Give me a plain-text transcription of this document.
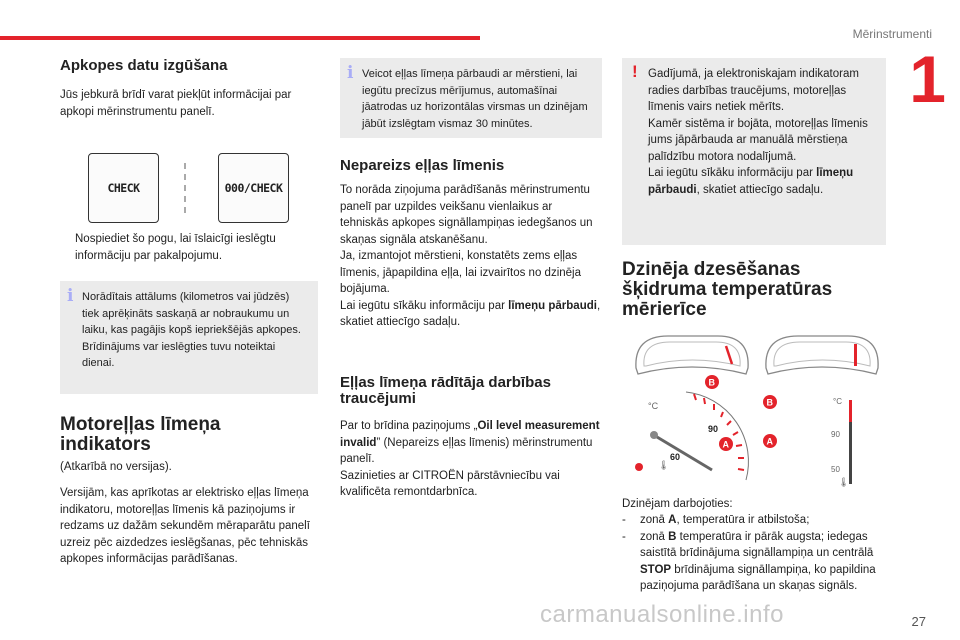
Mērinstrumenti
1
27
carmanualsonline.info
Apkopes datu izgūšana
Jūs jebkurā brīdī varat piekļūt informācijai par apkopi mērinstrumentu panelī.
CHECK	000/CHECK
Nospiediet šo pogu, lai īslaicīgi ieslēgtu informāciju par pakalpojumu.
i Norādītais attālums (kilometros vai jūdzēs) tiek aprēķināts saskaņā ar nobraukumu un laiku, kas pagājis kopš iepriekšējās apkopes.
Brīdinājums var ieslēgties tuvu noteiktai dienai.
Motoreļļas līmeņa
indikators
(Atkarībā no versijas).
Versijām, kas aprīkotas ar elektrisko eļļas līmeņa indikatoru, motoreļļas līmenis kā paziņojums ir redzams uz dažām sekundēm mēraparātu panelī uzreiz pēc aizdedzes ieslēgšanas, pēc tehniskās apkopes informācijas parādīšanas.
i Veicot eļļas līmeņa pārbaudi ar mērstieni, lai iegūtu precīzus mērījumus, automašīnai jāatrodas uz horizontālas virsmas un dzinējam jābūt izslēgtam vismaz 30 minūtes.
Nepareizs eļļas līmenis
To norāda ziņojuma parādīšanās mērinstrumentu panelī par uzpildes veikšanu vienlaikus ar tehniskās apkopes signāllampiņas iedegšanos un skaņas signāla atskanēšanu.
Ja, izmantojot mērstieni, konstatēts zems eļļas līmenis, jāpapildina eļļa, lai izvairītos no dzinēja bojājuma.
Lai iegūtu sīkāku informāciju par līmeņu pārbaudi, skatiet attiecīgo sadaļu.
Eļļas līmeņa rādītāja darbības
traucējumi
Par to brīdina paziņojums „Oil level measurement invalid” (Nepareizs eļļas līmenis) mērinstrumentu panelī.
Sazinieties ar CITROËN pārstāvniecību vai kvalificēta remontdarbnīca.
! Gadījumā, ja elektroniskajam indikatoram radies darbības traucējums, motoreļļas līmenis vairs netiek mērīts.
Kamēr sistēma ir bojāta, motoreļļas līmenis jums jāpārbauda ar manuālā mērstieņa palīdzību motora nodalījumā.
Lai iegūtu sīkāku informāciju par līmeņu pārbaudi, skatiet attiecīgo sadaļu.
Dzinēja dzesēšanas
šķidruma temperatūras
mērierīce
°C
90
60
🌡
B
A
°C
90
50
🌡
B
A
Dzinējam darbojoties:
- zonā A, temperatūra ir atbilstoša;
- zonā B temperatūra ir pārāk augsta; iedegas saistītā brīdinājuma signāllampiņa un centrālā STOP brīdinājuma signāllampiņa, ko papildina paziņojuma parādīšana un skaņas signāls.
